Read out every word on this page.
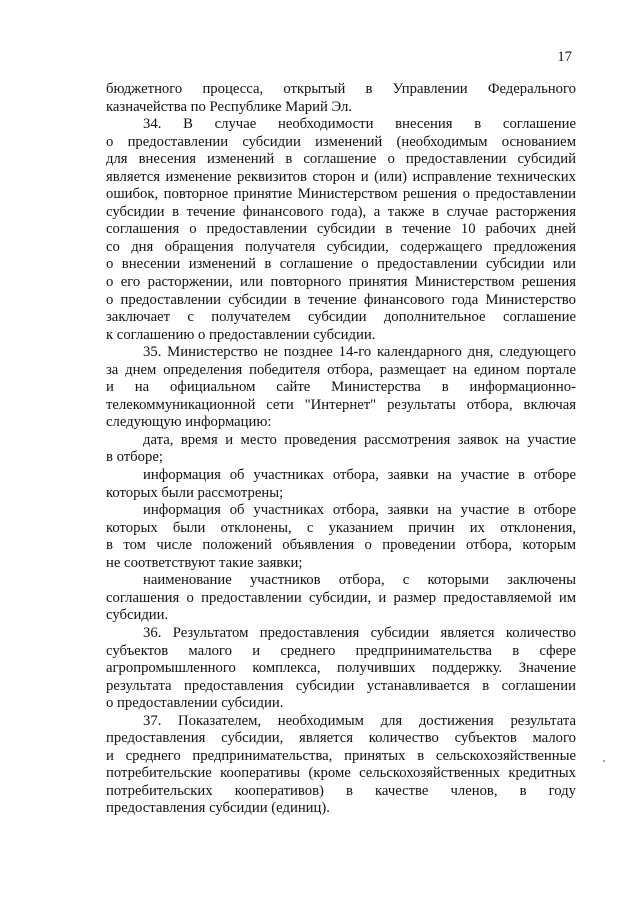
17
бюджетного процесса, открытый в Управлении Федерального
казначейства по Республике Марий Эл.
34. В случае необходимости внесения в соглашение
о предоставлении субсидии изменений (необходимым основанием
для внесения изменений в соглашение о предоставлении субсидий
является изменение реквизитов сторон и (или) исправление технических
ошибок, повторное принятие Министерством решения о предоставлении
субсидии в течение финансового года), а также в случае расторжения
соглашения о предоставлении субсидии в течение 10 рабочих дней
со дня обращения получателя субсидии, содержащего предложения
о внесении изменений в соглашение о предоставлении субсидии или
о его расторжении, или повторного принятия Министерством решения
о предоставлении субсидии в течение финансового года Министерство
заключает с получателем субсидии дополнительное соглашение
к соглашению о предоставлении субсидии.
35. Министерство не позднее 14-го календарного дня, следующего
за днем определения победителя отбора, размещает на едином портале
и на официальном сайте Министерства в информационно-
телекоммуникационной сети "Интернет" результаты отбора, включая
следующую информацию:
дата, время и место проведения рассмотрения заявок на участие
в отборе;
информация об участниках отбора, заявки на участие в отборе
которых были рассмотрены;
информация об участниках отбора, заявки на участие в отборе
которых были отклонены, с указанием причин их отклонения,
в том числе положений объявления о проведении отбора, которым
не соответствуют такие заявки;
наименование участников отбора, с которыми заключены
соглашения о предоставлении субсидии, и размер предоставляемой им
субсидии.
36. Результатом предоставления субсидии является количество
субъектов малого и среднего предпринимательства в сфере
агропромышленного комплекса, получивших поддержку. Значение
результата предоставления субсидии устанавливается в соглашении
о предоставлении субсидии.
37. Показателем, необходимым для достижения результата
предоставления субсидии, является количество субъектов малого
и среднего предпринимательства, принятых в сельскохозяйственные
потребительские кооперативы (кроме сельскохозяйственных кредитных
потребительских кооперативов) в качестве членов, в году
предоставления субсидии (единиц).
